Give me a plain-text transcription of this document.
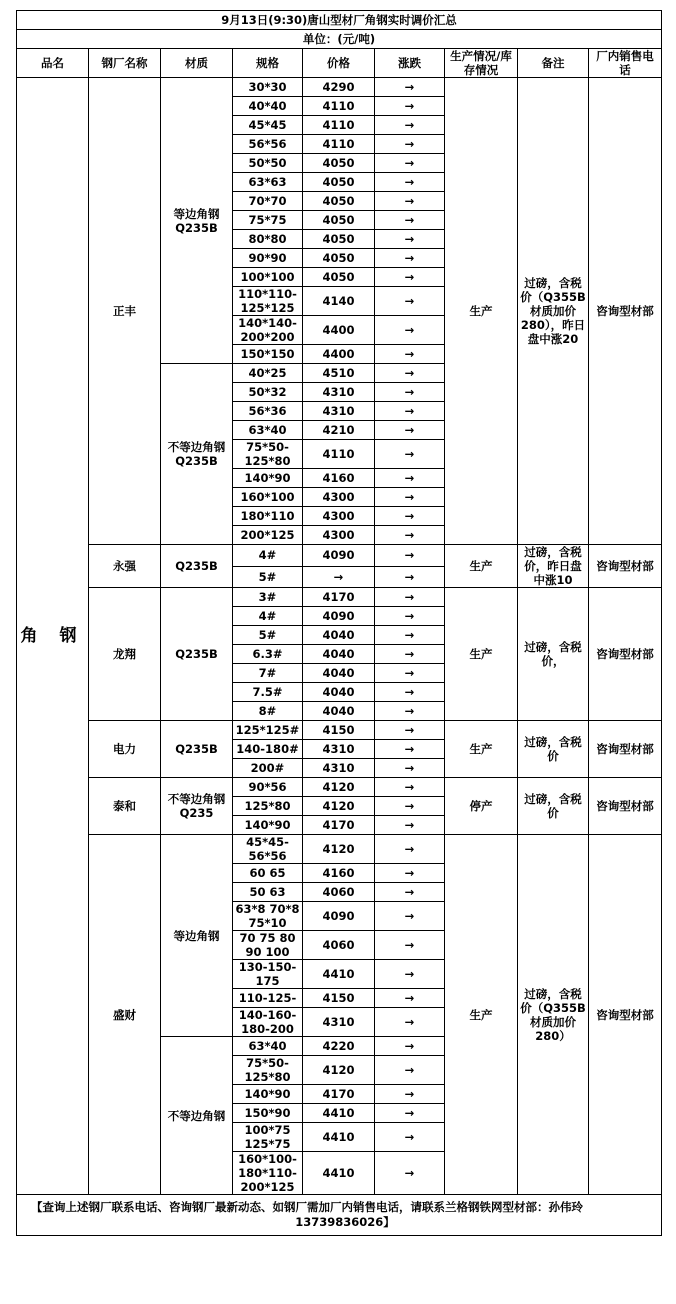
9月13日(9:30)唐山型材厂角钢实时调价汇总								
单位：(元/吨)								
品名	钢厂名称	材质	规格	价格	涨跌	生产情况/库存情况	备注	厂内销售电话
角 钢	正丰	等边角钢Q235B	30*30	4290	→	生产	过磅，含税价（Q355B材质加价280），昨日盘中涨20	咨询型材部
			40*40	4110	→			
			45*45	4110	→			
			56*56	4110	→			
			50*50	4050	→			
			63*63	4050	→			
			70*70	4050	→			
			75*75	4050	→			
			80*80	4050	→			
			90*90	4050	→			
			100*100	4050	→			
			110*110-125*125	4140	→			
			140*140-200*200	4400	→			
			150*150	4400	→			
		不等边角钢Q235B	40*25	4510	→			
			50*32	4310	→			
			56*36	4310	→			
			63*40	4210	→			
			75*50-125*80	4110	→			
			140*90	4160	→			
			160*100	4300	→			
			180*110	4300	→			
			200*125	4300	→			
	永强	Q235B	4#	4090	→	生产	过磅，含税价，昨日盘中涨10	咨询型材部
			5#	→	→			
	龙翔	Q235B	3#	4170	→	生产	过磅，含税价，	咨询型材部
			4#	4090	→			
			5#	4040	→			
			6.3#	4040	→			
			7#	4040	→			
			7.5#	4040	→			
			8#	4040	→			
	电力	Q235B	125*125#	4150	→	生产	过磅，含税价	咨询型材部
			140-180#	4310	→			
			200#	4310	→			
	泰和	不等边角钢Q235	90*56	4120	→	停产	过磅，含税价	咨询型材部
			125*80	4120	→			
			140*90	4170	→			
	盛财	等边角钢	45*45-56*56	4120	→	生产	过磅，含税价（Q355B材质加价280）	咨询型材部
			60 65	4160	→			
			50 63	4060	→			
			63*8 70*8 75*10	4090	→			
			70 75 80 90 100	4060	→			
			130-150-175	4410	→			
			110-125-	4150	→			
			140-160-180-200	4310	→			
		不等边角钢	63*40	4220	→			
			75*50-125*80	4120	→			
			140*90	4170	→			
			150*90	4410	→			
			100*75 125*75	4410	→			
			160*100-180*110-200*125	4410	→			

【查询上述钢厂联系电话、咨询钢厂最新动态、如钢厂需加厂内销售电话，请联系兰格钢铁网型材部：孙伟玲
13739836026】								
